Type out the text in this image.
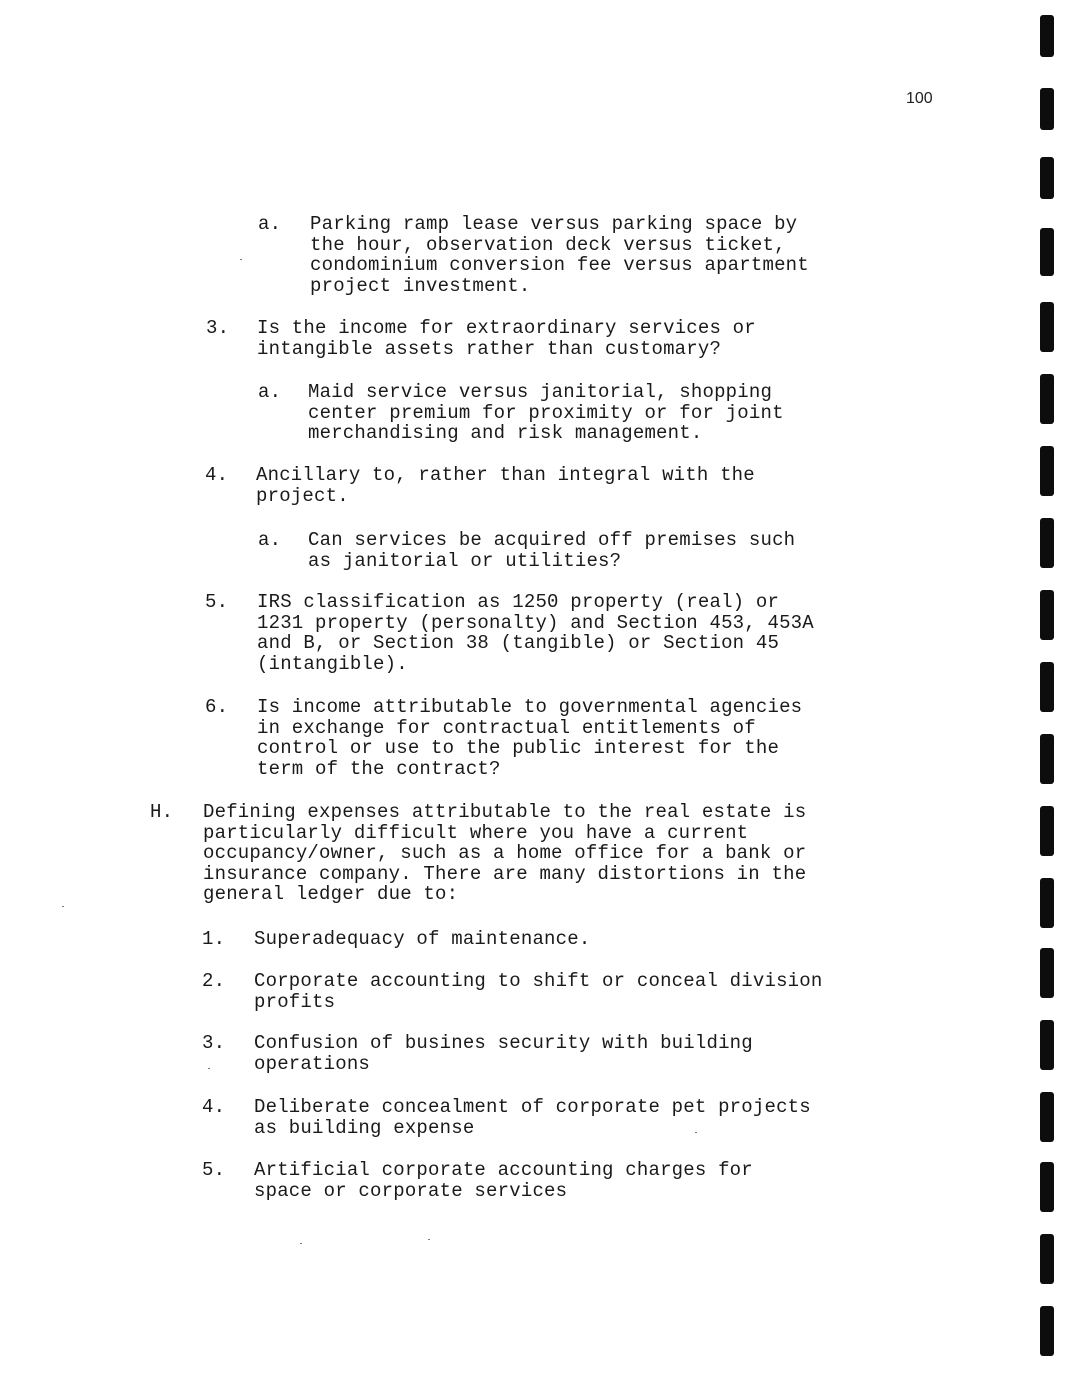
100
a. Parking ramp lease versus parking space by
the hour, observation deck versus ticket,
condominium conversion fee versus apartment
project investment.
3. Is the income for extraordinary services or
intangible assets rather than customary?
a. Maid service versus janitorial, shopping
center premium for proximity or for joint
merchandising and risk management.
4. Ancillary to, rather than integral with the
project.
a. Can services be acquired off premises such
as janitorial or utilities?
5. IRS classification as 1250 property (real) or
1231 property (personalty) and Section 453, 453A
and B, or Section 38 (tangible) or Section 45
(intangible).
6. Is income attributable to governmental agencies
in exchange for contractual entitlements of
control or use to the public interest for the
term of the contract?
H. Defining expenses attributable to the real estate is
particularly difficult where you have a current
occupancy/owner, such as a home office for a bank or
insurance company. There are many distortions in the
general ledger due to:
1. Superadequacy of maintenance.
2. Corporate accounting to shift or conceal division
profits
3. Confusion of busines security with building
operations
4. Deliberate concealment of corporate pet projects
as building expense
5. Artificial corporate accounting charges for
space or corporate services
